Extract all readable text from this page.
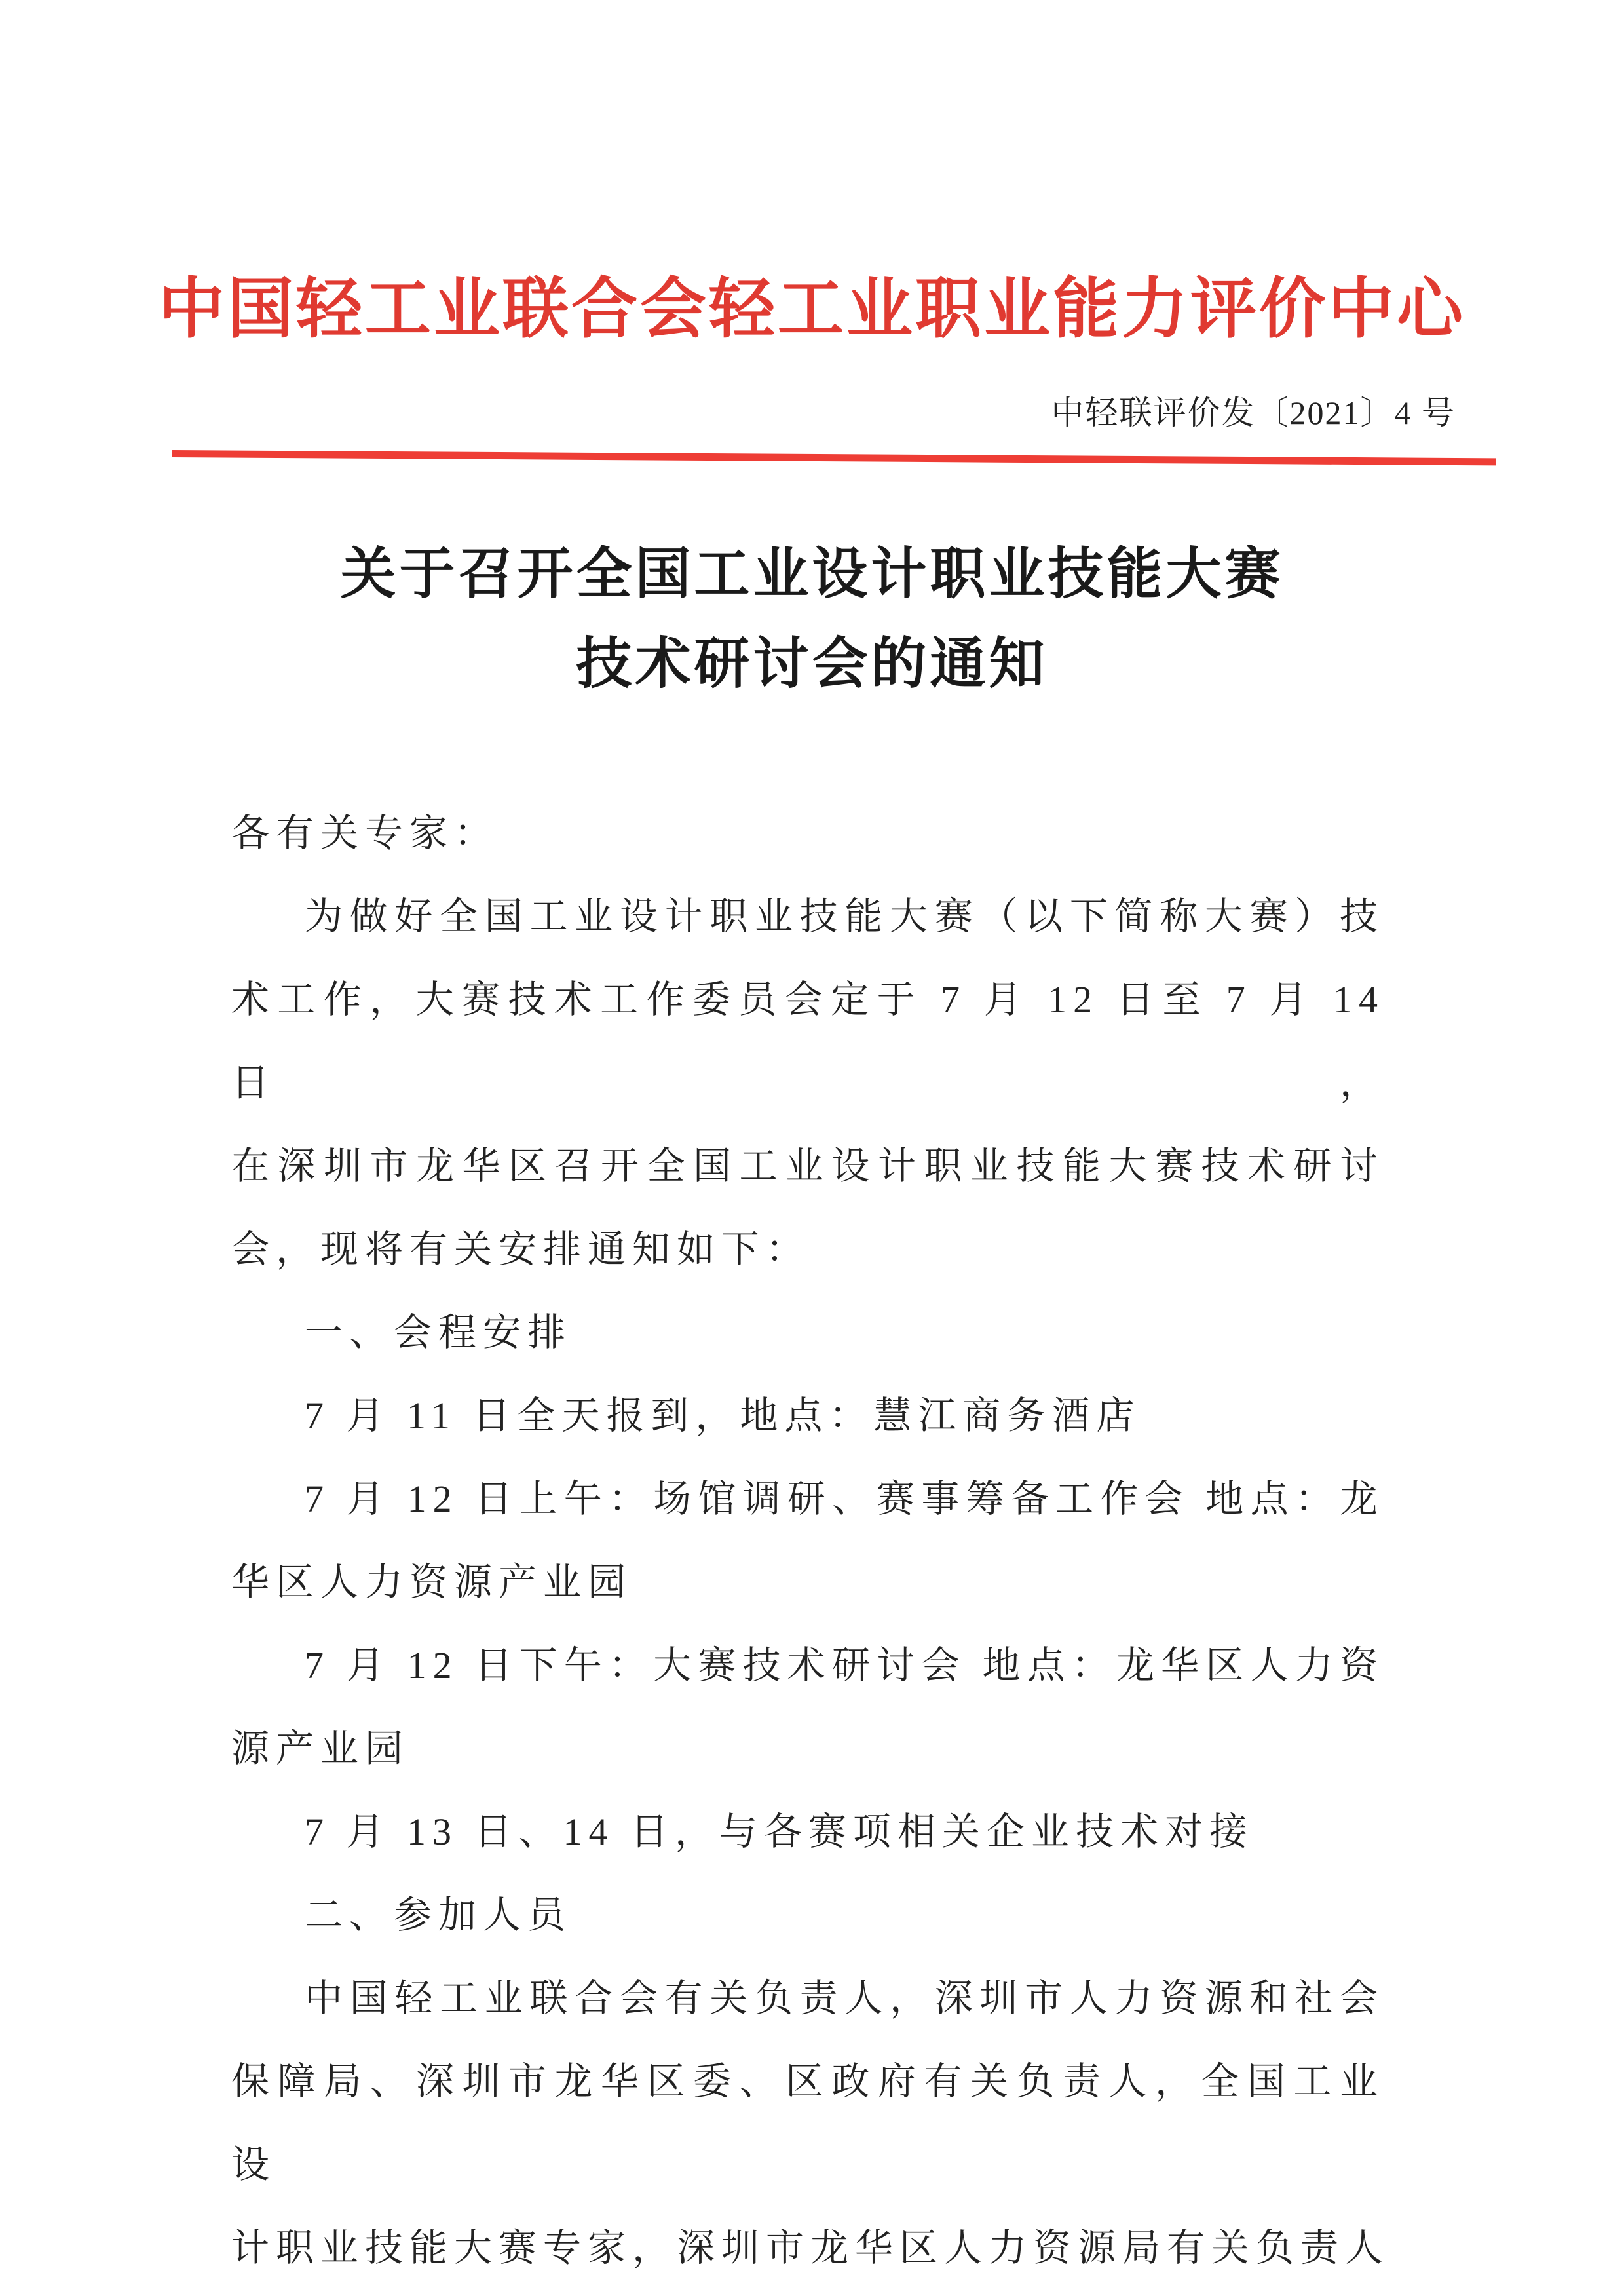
中国轻工业联合会轻工业职业能力评价中心
中轻联评价发〔2021〕4 号
关于召开全国工业设计职业技能大赛
技术研讨会的通知
各有关专家：
为做好全国工业设计职业技能大赛（以下简称大赛）技
术工作，大赛技术工作委员会定于 7 月 12 日至 7 月 14 日，
在深圳市龙华区召开全国工业设计职业技能大赛技术研讨
会，现将有关安排通知如下：
一、会程安排
7 月 11 日全天报到，地点：慧江商务酒店
7 月 12 日上午：场馆调研、赛事筹备工作会 地点：龙
华区人力资源产业园
7 月 12 日下午：大赛技术研讨会 地点：龙华区人力资
源产业园
7 月 13 日、14 日，与各赛项相关企业技术对接
二、参加人员
中国轻工业联合会有关负责人，深圳市人力资源和社会
保障局、深圳市龙华区委、区政府有关负责人，全国工业设
计职业技能大赛专家，深圳市龙华区人力资源局有关负责人
